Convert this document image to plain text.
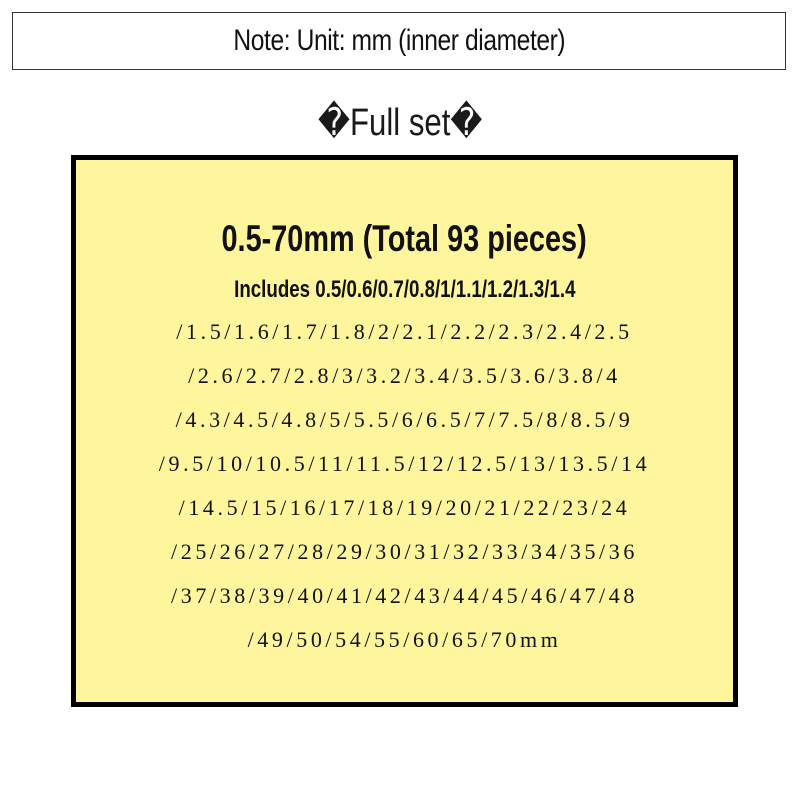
Note: Unit: mm (inner diameter)
�Full set�
0.5-70mm (Total 93 pieces)
Includes 0.5/0.6/0.7/0.8/1/1.1/1.2/1.3/1.4
/1.5/1.6/1.7/1.8/2/2.1/2.2/2.3/2.4/2.5
/2.6/2.7/2.8/3/3.2/3.4/3.5/3.6/3.8/4
/4.3/4.5/4.8/5/5.5/6/6.5/7/7.5/8/8.5/9
/9.5/10/10.5/11/11.5/12/12.5/13/13.5/14
/14.5/15/16/17/18/19/20/21/22/23/24
/25/26/27/28/29/30/31/32/33/34/35/36
/37/38/39/40/41/42/43/44/45/46/47/48
/49/50/54/55/60/65/70mm
